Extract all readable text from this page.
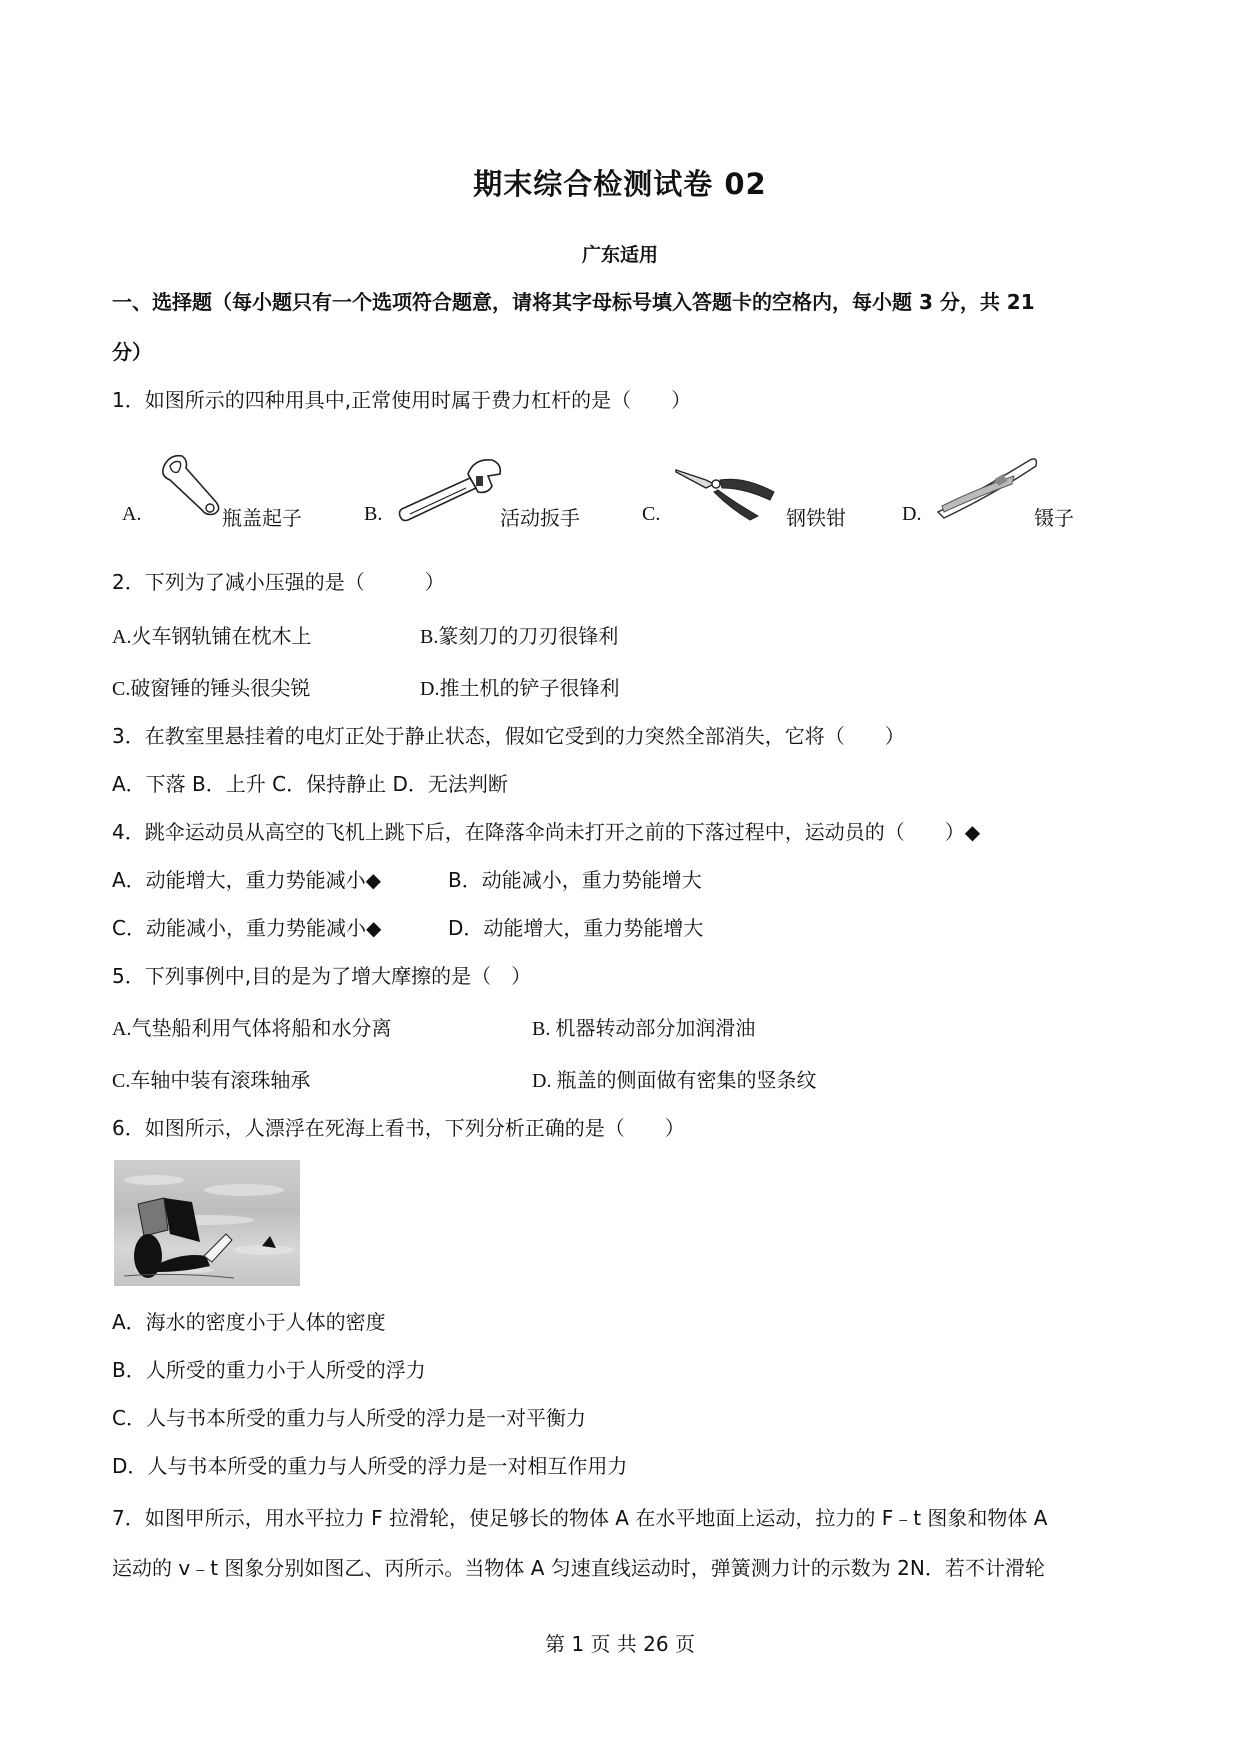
期末综合检测试卷 02
广东适用
一、选择题（每小题只有一个选项符合题意，请将其字母标号填入答题卡的空格内，每小题 3 分，共 21
分）
1．如图所示的四种用具中,正常使用时属于费力杠杆的是（　　）
A.	瓶盖起子	B.	活动扳手	C.	钢铁钳	D.	镊子
2．下列为了减小压强的是（　　　）
A.火车钢轨铺在枕木上	B.篆刻刀的刀刃很锋利
C.破窗锤的锤头很尖锐	D.推土机的铲子很锋利
3．在教室里悬挂着的电灯正处于静止状态，假如它受到的力突然全部消失，它将（　　）
A．下落 B．上升 C．保持静止 D．无法判断
4．跳伞运动员从高空的飞机上跳下后，在降落伞尚未打开之前的下落过程中，运动员的（　　）◆
A．动能增大，重力势能减小◆	B．动能减小，重力势能增大
C．动能减小，重力势能减小◆	D．动能增大，重力势能增大
5．下列事例中,目的是为了增大摩擦的是（　）
A.气垫船利用气体将船和水分离	B. 机器转动部分加润滑油
C.车轴中装有滚珠轴承	D. 瓶盖的侧面做有密集的竖条纹
6．如图所示，人漂浮在死海上看书，下列分析正确的是（　　）
A．海水的密度小于人体的密度
B．人所受的重力小于人所受的浮力
C．人与书本所受的重力与人所受的浮力是一对平衡力
D．人与书本所受的重力与人所受的浮力是一对相互作用力
7．如图甲所示，用水平拉力 F 拉滑轮，使足够长的物体 A 在水平地面上运动，拉力的 F﹣t 图象和物体 A
运动的 v﹣t 图象分别如图乙、丙所示。当物体 A 匀速直线运动时，弹簧测力计的示数为 2N．若不计滑轮
第 1 页 共 26 页
